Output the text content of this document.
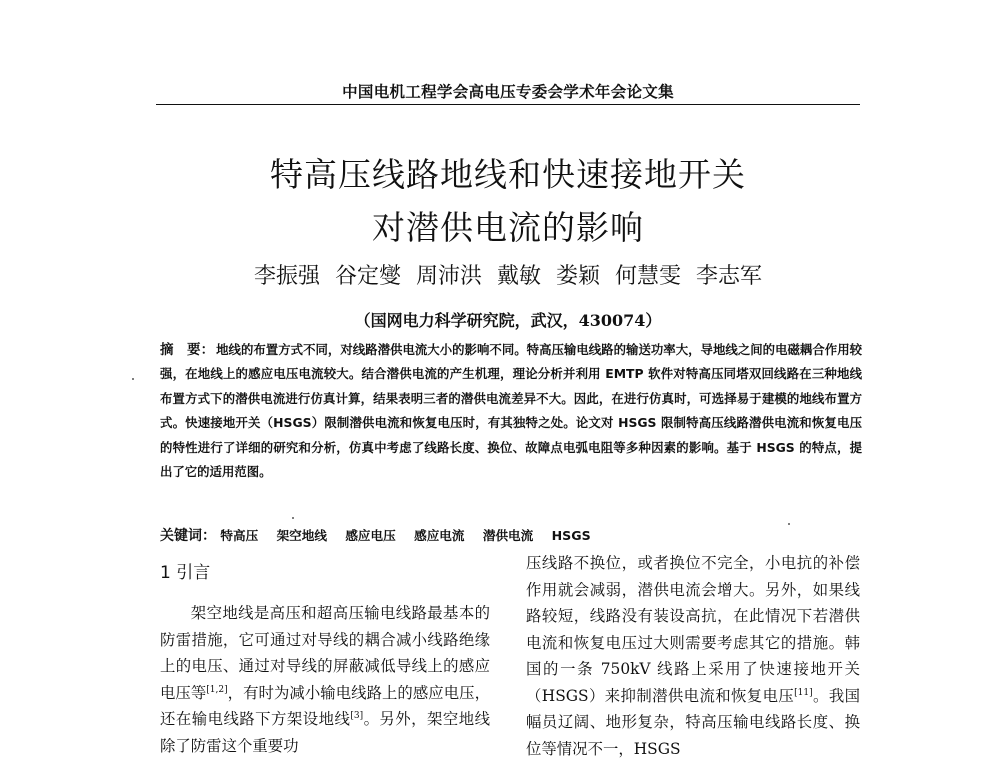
中国电机工程学会高电压专委会学术年会论文集
特高压线路地线和快速接地开关
对潜供电流的影响
李振强 谷定燮 周沛洪 戴敏 娄颖 何慧雯 李志军
（国网电力科学研究院，武汉，430074）

摘　要： 地线的布置方式不同，对线路潜供电流大小的影响不同。特高压输电线路的输送功率大，导地线之间的电磁耦合作用较强，在地线上的感应电压电流较大。结合潜供电流的产生机理，理论分析并利用 EMTP 软件对特高压同塔双回线路在三种地线布置方式下的潜供电流进行仿真计算，结果表明三者的潜供电流差异不大。因此，在进行仿真时，可选择易于建模的地线布置方式。快速接地开关（HSGS）限制潜供电流和恢复电压时，有其独特之处。论文对 HSGS 限制特高压线路潜供电流和恢复电压的特性进行了详细的研究和分析，仿真中考虑了线路长度、换位、故障点电弧电阻等多种因素的影响。基于 HSGS 的特点，提出了它的适用范图。

关键词： 特高压 架空地线 感应电压 感应电流 潜供电流 HSGS
1 引言

架空地线是高压和超高压输电线路最基本的防雷措施，它可通过对导线的耦合减小线路绝缘上的电压、通过对导线的屏蔽减低导线上的感应电压等[1,2]，有时为减小输电线路上的感应电压，还在输电线路下方架设地线[3]。另外，架空地线除了防雷这个重要功

压线路不换位，或者换位不完全，小电抗的补偿作用就会减弱，潜供电流会增大。另外，如果线路较短，线路没有装设高抗，在此情况下若潜供电流和恢复电压过大则需要考虑其它的措施。韩国的一条 750kV 线路上采用了快速接地开关（HSGS）来抑制潜供电流和恢复电压[11]。我国幅员辽阔、地形复杂，特高压输电线路长度、换位等情况不一，HSGS
